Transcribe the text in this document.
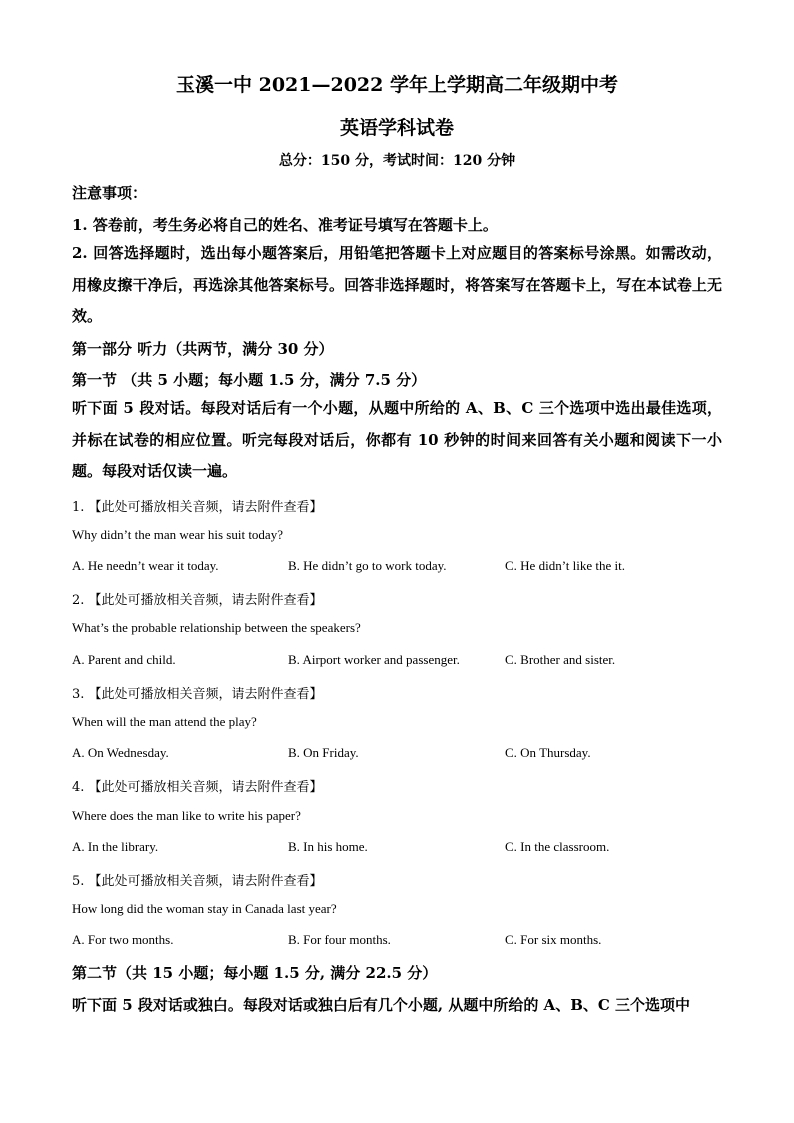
玉溪一中 2021—2022 学年上学期高二年级期中考
英语学科试卷
总分：150 分，考试时间：120 分钟
注意事项：
1. 答卷前，考生务必将自己的姓名、准考证号填写在答题卡上。
2. 回答选择题时，选出每小题答案后，用铅笔把答题卡上对应题目的答案标号涂黑。如需改动，用橡皮擦干净后，再选涂其他答案标号。回答非选择题时，将答案写在答题卡上，写在本试卷上无效。
第一部分 听力（共两节，满分 30 分）
第一节 （共 5 小题；每小题 1.5 分，满分 7.5 分）
听下面 5 段对话。每段对话后有一个小题，从题中所给的 A、B、C 三个选项中选出最佳选项，并标在试卷的相应位置。听完每段对话后，你都有 10 秒钟的时间来回答有关小题和阅读下一小题。每段对话仅读一遍。
1. 【此处可播放相关音频，请去附件查看】
Why didn’t the man wear his suit today?
A. He needn’t wear it today.	B. He didn’t go to work today.	C. He didn’t like the it.
2. 【此处可播放相关音频，请去附件查看】
What’s the probable relationship between the speakers?
A. Parent and child.	B. Airport worker and passenger.	C. Brother and sister.
3. 【此处可播放相关音频，请去附件查看】
When will the man attend the play?
A. On Wednesday.	B. On Friday.	C. On Thursday.
4. 【此处可播放相关音频，请去附件查看】
Where does the man like to write his paper?
A. In the library.	B. In his home.	C. In the classroom.
5. 【此处可播放相关音频，请去附件查看】
How long did the woman stay in Canada last year?
A. For two months.	B. For four months.	C. For six months.
第二节（共 15 小题；每小题 1.5 分, 满分 22.5 分）
听下面 5 段对话或独白。每段对话或独白后有几个小题, 从题中所给的 A、B、C 三个选项中
